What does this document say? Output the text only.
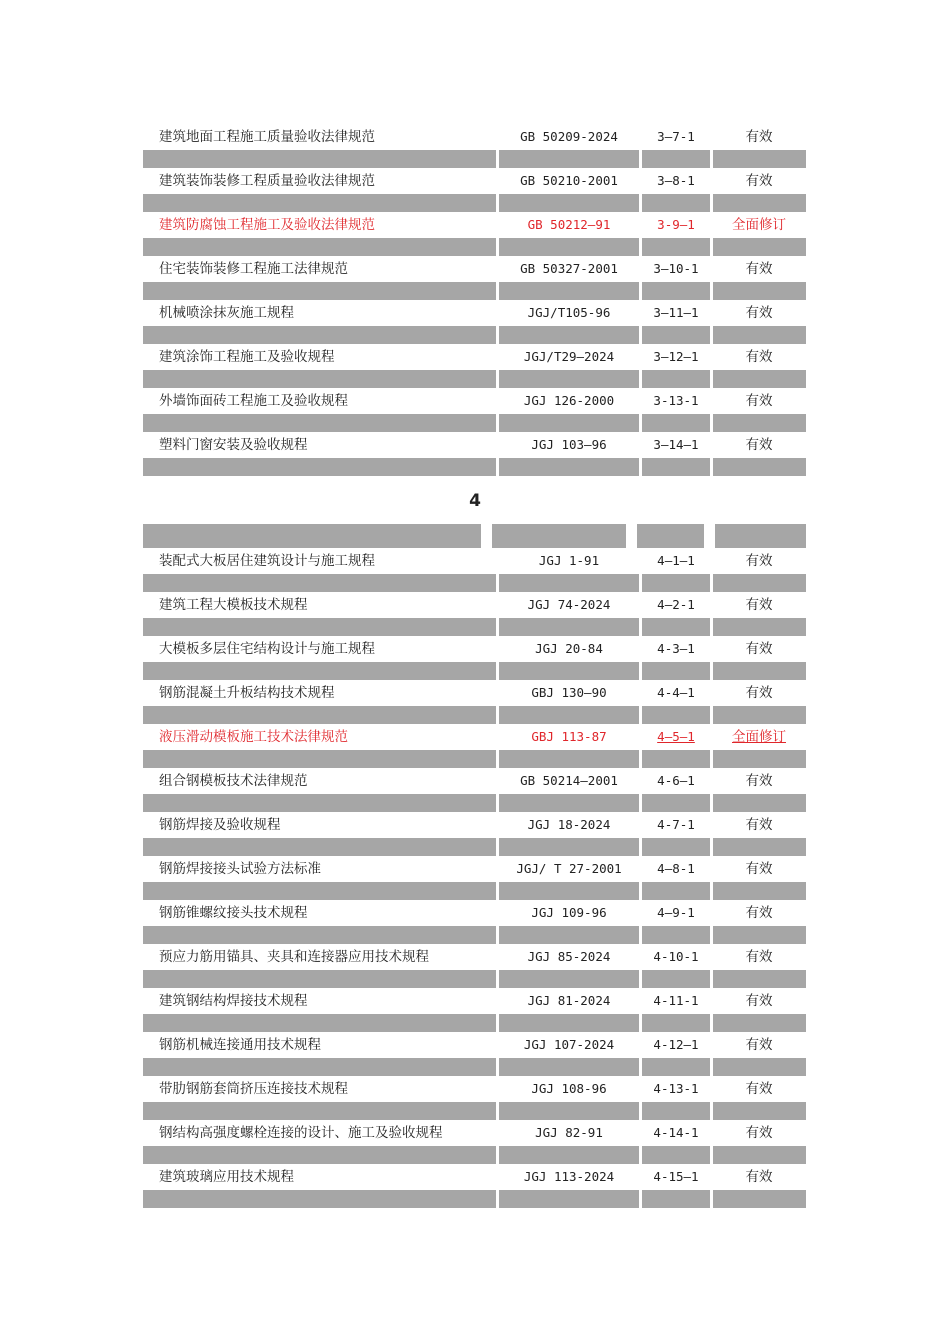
建筑地面工程施工质量验收法律规范	GB 50209-2024	3—7-1	有效
建筑装饰装修工程质量验收法律规范	GB 50210-2001	3—8-1	有效
建筑防腐蚀工程施工及验收法律规范	GB 50212—91	3-9—1	全面修订
住宅装饰装修工程施工法律规范	GB 50327-2001	3—10-1	有效
机械喷涂抹灰施工规程	JGJ/T105-96	3—11—1	有效
建筑涂饰工程施工及验收规程	JGJ/T29—2024	3—12—1	有效
外墙饰面砖工程施工及验收规程	JGJ 126-2000	3-13-1	有效
塑料门窗安装及验收规程	JGJ 103—96	3—14—1	有效
4
装配式大板居住建筑设计与施工规程	JGJ 1-91	4—1—1	有效
建筑工程大模板技术规程	JGJ 74-2024	4—2-1	有效
大模板多层住宅结构设计与施工规程	JGJ 20-84	4-3—1	有效
钢筋混凝土升板结构技术规程	GBJ 130—90	4-4—1	有效
液压滑动模板施工技术法律规范	GBJ 113-87	4—5—1	全面修订
组合钢模板技术法律规范	GB 50214—2001	4-6—1	有效
钢筋焊接及验收规程	JGJ 18-2024	4-7-1	有效
钢筋焊接接头试验方法标准	JGJ/ T 27-2001	4—8-1	有效
钢筋锥螺纹接头技术规程	JGJ 109-96	4—9-1	有效
预应力筋用锚具、夹具和连接器应用技术规程	JGJ 85-2024	4-10-1	有效
建筑钢结构焊接技术规程	JGJ 81-2024	4-11-1	有效
钢筋机械连接通用技术规程	JGJ 107-2024	4-12—1	有效
带肋钢筋套筒挤压连接技术规程	JGJ 108-96	4-13-1	有效
钢结构高强度螺栓连接的设计、施工及验收规程	JGJ 82-91	4-14-1	有效
建筑玻璃应用技术规程	JGJ 113-2024	4-15—1	有效
